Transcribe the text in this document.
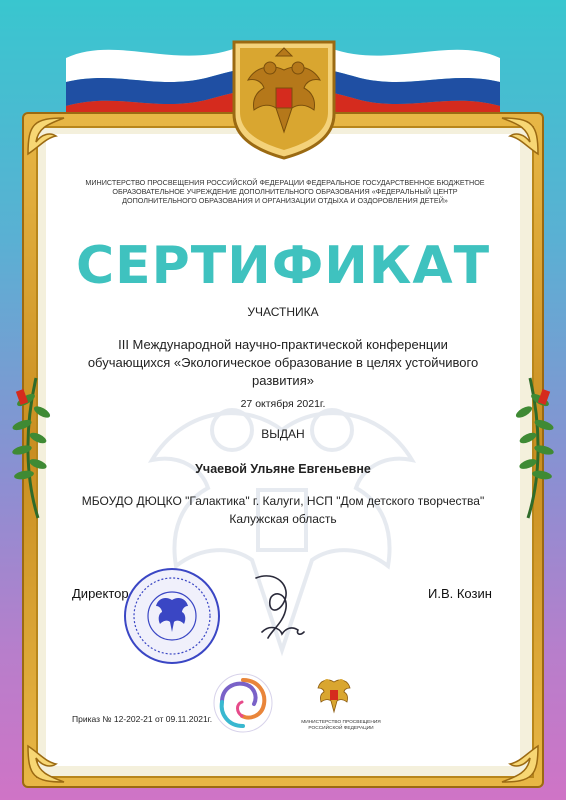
МИНИСТЕРСТВО ПРОСВЕЩЕНИЯ РОССИЙСКОЙ ФЕДЕРАЦИИ ФЕДЕРАЛЬНОЕ ГОСУДАРСТВЕННОЕ БЮДЖЕТНОЕ ОБРАЗОВАТЕЛЬНОЕ УЧРЕЖДЕНИЕ ДОПОЛНИТЕЛЬНОГО ОБРАЗОВАНИЯ «ФЕДЕРАЛЬНЫЙ ЦЕНТР ДОПОЛНИТЕЛЬНОГО ОБРАЗОВАНИЯ И ОРГАНИЗАЦИИ ОТДЫХА И ОЗДОРОВЛЕНИЯ ДЕТЕЙ»
СЕРТИФИКАТ
УЧАСТНИКА
III Международной научно-практической конференции обучающихся «Экологическое образование в целях устойчивого развития»
27 октября 2021г.
ВЫДАН
Учаевой Ульяне Евгеньевне
МБОУДО ДЮЦКО "Галактика" г. Калуги, НСП "Дом детского творчества"
Калужская область
Директор	И.В. Козин
МИНИСТЕРСТВО ПРОСВЕЩЕНИЯ РОССИЙСКОЙ ФЕДЕРАЦИИ
Приказ № 12-202-21 от 09.11.2021г.
